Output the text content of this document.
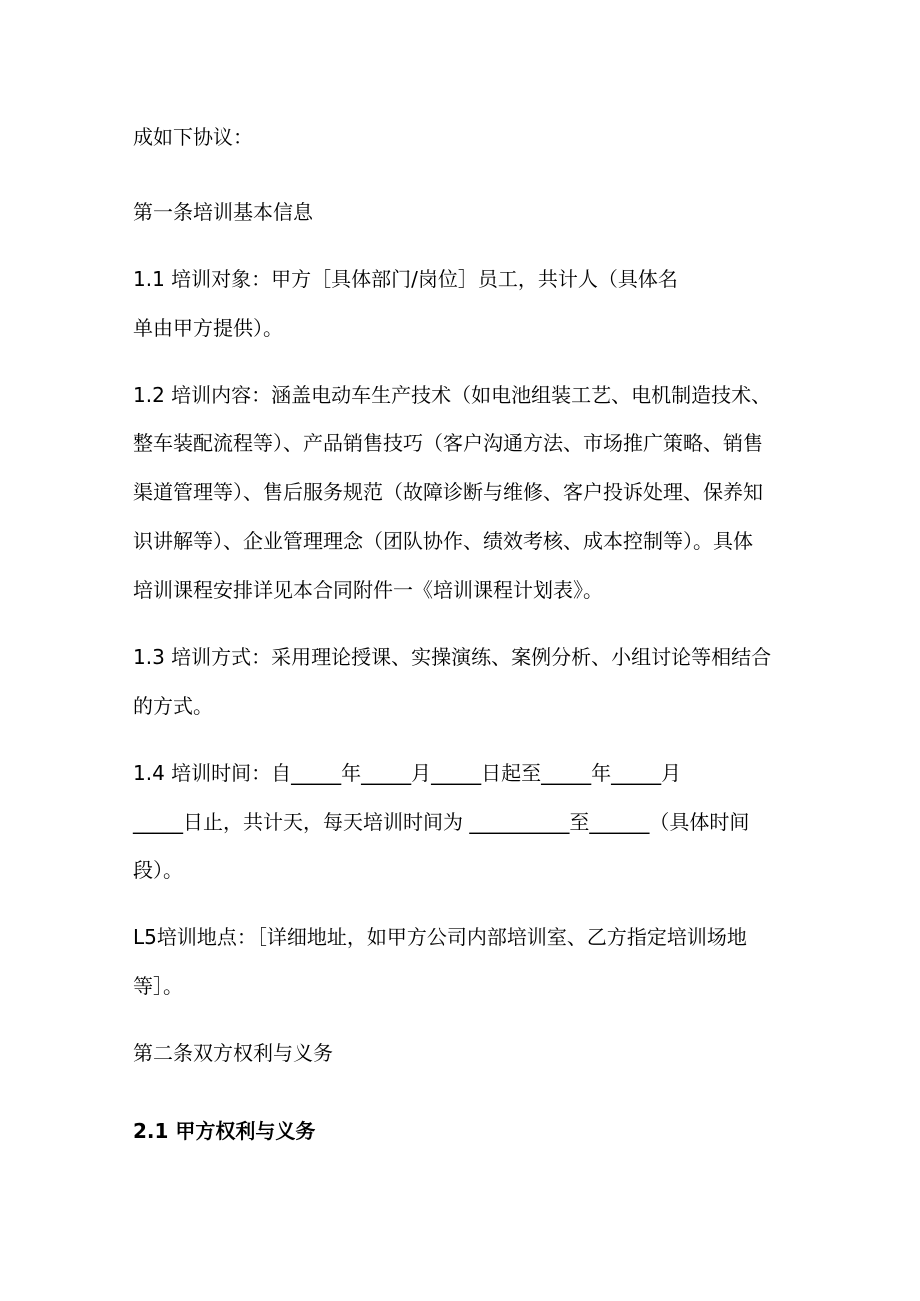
成如下协议：
第一条培训基本信息
1.1 培训对象：甲方［具体部门/岗位］员工，共计人（具体名
单由甲方提供）。
1.2 培训内容：涵盖电动车生产技术（如电池组装工艺、电机制造技术、
整车装配流程等）、产品销售技巧（客户沟通方法、市场推广策略、销售
渠道管理等）、售后服务规范（故障诊断与维修、客户投诉处理、保养知
识讲解等）、企业管理理念（团队协作、绩效考核、成本控制等）。具体
培训课程安排详见本合同附件一《培训课程计划表》。
1.3 培训方式：采用理论授课、实操演练、案例分析、小组讨论等相结合
的方式。
1.4 培训时间：自_____年_____月_____日起至_____年_____月
_____日止，共计天，每天培训时间为 __________至______（具体时间
段）。
L5培训地点：［详细地址，如甲方公司内部培训室、乙方指定培训场地
等］。
第二条双方权利与义务
2.1 甲方权利与义务
